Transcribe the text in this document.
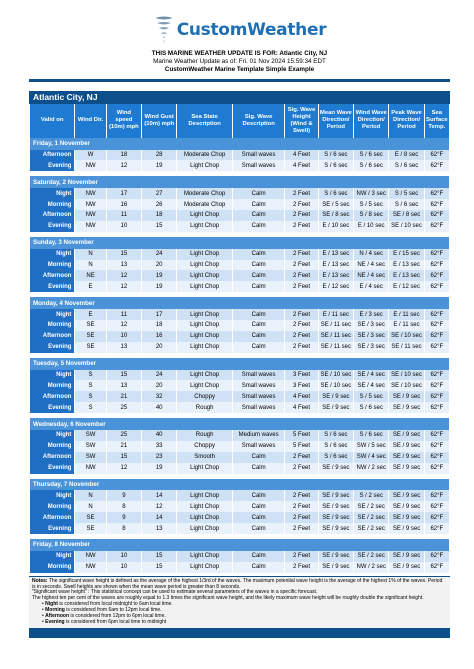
CustomWeather
THIS MARINE WEATHER UPDATE IS FOR: Atlantic City, NJ
Marine Weather Update as of: Fri. 01 Nov 2024 15:59:34 EDT
CustomWeather Marine Template Simple Example
Atlantic City, NJ
Valid on	Wind Dir.	Wind speed (10m) mph	Wind Gust (10m) mph	Sea State Description	Sig. Wave Description	Sig. Wave Height (Wind & Swell)	Mean Wave Direction/ Period	Wind Wave Direction/ Period	Peak Wave Direction/ Period	Sea Surface Temp.
Friday, 1 November										
Afternoon	W	18	28	Moderate Chop	Small waves	4 Feet	S / 6 sec	S / 6 sec	E / 8 sec	62°F
Evening	NW	12	19	Light Chop	Small waves	4 Feet	S / 6 sec	S / 6 sec	S / 6 sec	62°F

Saturday, 2 November										
Night	NW	17	27	Moderate Chop	Calm	2 Feet	S / 6 sec	NW / 3 sec	S / 5 sec	62°F
Morning	NW	16	26	Moderate Chop	Calm	2 Feet	SE / 5 sec	S / 5 sec	S / 6 sec	62°F
Afternoon	NW	11	18	Light Chop	Calm	2 Feet	SE / 8 sec	S / 8 sec	SE / 8 sec	62°F
Evening	NW	10	15	Light Chop	Calm	2 Feet	E / 10 sec	E / 10 sec	SE / 10 sec	62°F

Sunday, 3 November										
Night	N	15	24	Light Chop	Calm	2 Feet	E / 13 sec	N / 4 sec	E / 15 sec	62°F
Morning	N	13	20	Light Chop	Calm	2 Feet	E / 13 sec	NE / 4 sec	E / 13 sec	62°F
Afternoon	NE	12	19	Light Chop	Calm	2 Feet	E / 13 sec	NE / 4 sec	E / 13 sec	62°F
Evening	E	12	19	Light Chop	Calm	2 Feet	E / 12 sec	E / 4 sec	E / 12 sec	62°F

Monday, 4 November										
Night	E	11	17	Light Chop	Calm	2 Feet	E / 11 sec	E / 3 sec	E / 11 sec	62°F
Morning	SE	12	18	Light Chop	Calm	2 Feet	SE / 11 sec	SE / 3 sec	E / 11 sec	62°F
Afternoon	SE	10	16	Light Chop	Calm	2 Feet	SE / 11 sec	SE / 3 sec	SE / 10 sec	62°F
Evening	SE	13	20	Light Chop	Calm	2 Feet	SE / 11 sec	SE / 3 sec	SE / 11 sec	62°F

Tuesday, 5 November										
Night	S	15	24	Light Chop	Small waves	3 Feet	SE / 10 sec	SE / 4 sec	SE / 10 sec	62°F
Morning	S	13	20	Light Chop	Small waves	3 Feet	SE / 10 sec	SE / 4 sec	SE / 10 sec	62°F
Afternoon	S	21	32	Choppy	Small waves	4 Feet	SE / 9 sec	S / 5 sec	SE / 9 sec	62°F
Evening	S	25	40	Rough	Small waves	4 Feet	SE / 9 sec	S / 6 sec	SE / 9 sec	62°F

Wednesday, 6 November										
Night	SW	25	40	Rough	Medium waves	5 Feet	S / 6 sec	S / 6 sec	SE / 9 sec	62°F
Morning	SW	21	33	Choppy	Small waves	5 Feet	S / 6 sec	SW / 5 sec	SE / 9 sec	62°F
Afternoon	SW	15	23	Smooth	Calm	2 Feet	S / 6 sec	SW / 4 sec	SE / 9 sec	62°F
Evening	NW	12	19	Light Chop	Calm	2 Feet	SE / 9 sec	NW / 2 sec	SE / 9 sec	62°F

Thursday, 7 November										
Night	N	9	14	Light Chop	Calm	2 Feet	SE / 9 sec	S / 2 sec	SE / 9 sec	62°F
Morning	N	8	12	Light Chop	Calm	2 Feet	SE / 9 sec	SE / 2 sec	SE / 9 sec	62°F
Afternoon	SE	9	14	Light Chop	Calm	2 Feet	SE / 9 sec	SE / 2 sec	SE / 9 sec	62°F
Evening	SE	8	13	Light Chop	Calm	2 Feet	SE / 9 sec	SE / 2 sec	SE / 9 sec	62°F

Friday, 8 November										
Night	NW	10	15	Light Chop	Calm	2 Feet	SE / 9 sec	SE / 2 sec	SE / 9 sec	62°F
Morning	NW	10	15	Light Chop	Calm	2 Feet	SE / 9 sec	NW / 2 sec	SE / 9 sec	62°F
Notes: The significant wave height is defined as the average of the highest 1/3rd of the waves. The maximum potential wave height is the average of the highest 1% of the waves. Period is in seconds. Swell heights are shown when the mean wave period is greater than 8 seconds.
"Significant wave height" : This statistical concept can be used to estimate several parameters of the waves in a specific forecast.
The highest ten per cent of the waves are roughly equal to 1.3 times the significant wave height, and the likely maximum wave height will be roughly double the significant height.
• Night is considered from local midnight to 6am local time.
• Morning is considered from 6am to 12pm local time.
• Afternoon is considered from 12pm to 6pm local time.
• Evening is considered from 6pm local time to midnight
